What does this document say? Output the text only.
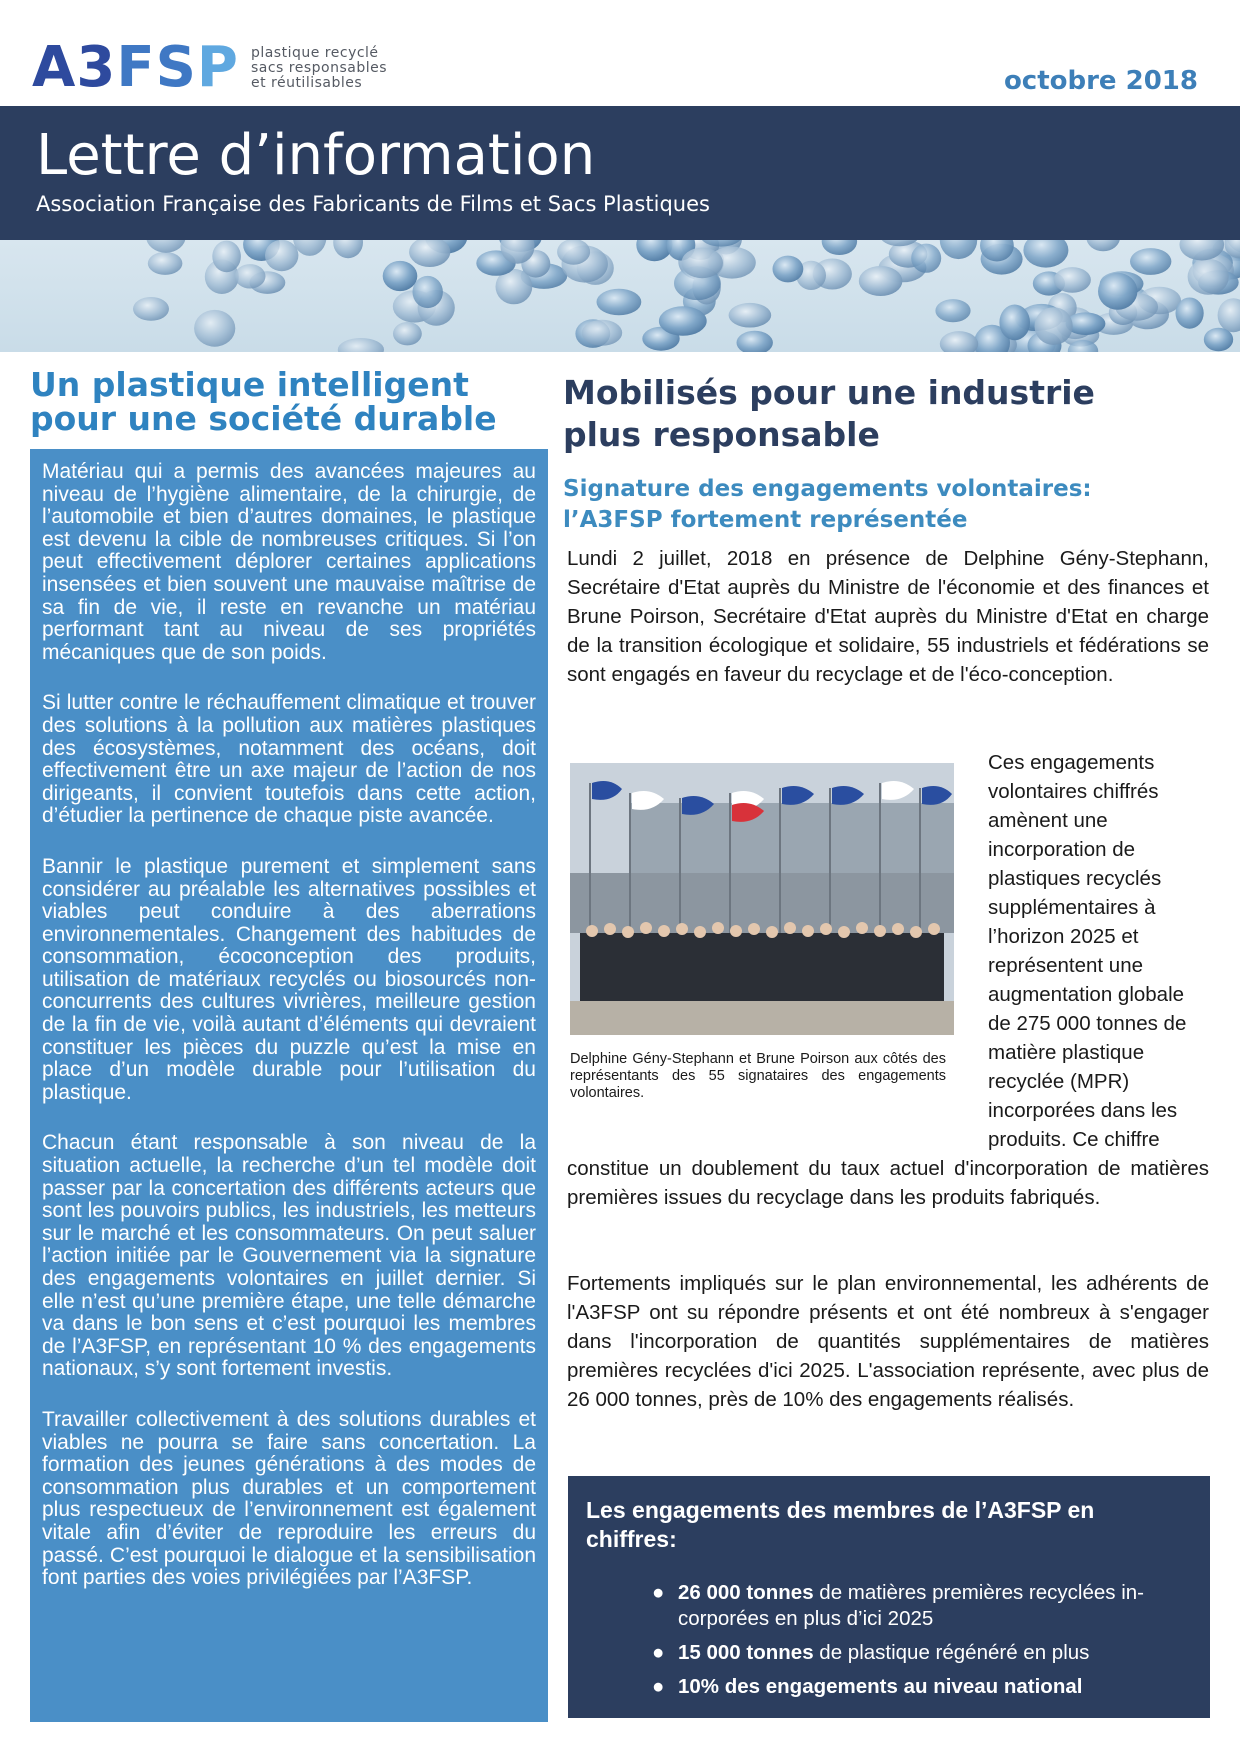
A3 FS P plastique recyclé
sacs responsables
et réutilisables	octobre 2018
Lettre d’information
Association Française des Fabricants de Films et Sacs Plastiques
Un plastique intelligent pour une société durable

Matériau qui a permis des avancées majeures au niveau de l’hygiène alimentaire, de la chirurgie, de l’automobile et bien d’autres domaines, le plastique est devenu la cible de nombreuses critiques. Si l’on peut effectivement déplorer certaines applications insensées et bien souvent une mauvaise maîtrise de sa fin de vie, il reste en revanche un matériau performant tant au niveau de ses propriétés mécaniques que de son poids.

Si lutter contre le réchauffement climatique et trouver des solutions à la pollution aux matières plastiques des écosystèmes, notamment des océans, doit effectivement être un axe majeur de l’action de nos dirigeants, il convient toutefois dans cette action, d’étudier la pertinence de chaque piste avancée.

Bannir le plastique purement et simplement sans considérer au préalable les alternatives possibles et viables peut conduire à des aberrations environnementales. Changement des habitudes de consommation, écoconception des produits, utilisation de matériaux recyclés ou biosourcés non-concurrents des cultures vivrières, meilleure gestion de la fin de vie, voilà autant d’éléments qui devraient constituer les pièces du puzzle qu’est la mise en place d’un modèle durable pour l’utilisation du plastique.

Chacun étant responsable à son niveau de la situation actuelle, la recherche d’un tel modèle doit passer par la concertation des différents acteurs que sont les pouvoirs publics, les industriels, les metteurs sur le marché et les consommateurs. On peut saluer l’action initiée par le Gouvernement via la signature des engagements volontaires en juillet dernier. Si elle n’est qu’une première étape, une telle démarche va dans le bon sens et c’est pourquoi les membres de l’A3FSP, en représentant 10 % des engagements nationaux, s’y sont fortement investis.

Travailler collectivement à des solutions durables et viables ne pourra se faire sans concertation. La formation des jeunes générations à des modes de consommation plus durables et un comportement plus respectueux de l’environnement est également vitale afin d’éviter de reproduire les erreurs du passé. C’est pourquoi le dialogue et la sensibilisation font parties des voies privilégiées par l’A3FSP.

Mobilisés pour une industrie plus responsable
Signature des engagements volontaires: l’A3FSP fortement représentée

Lundi 2 juillet, 2018 en présence de Delphine Gény-Stephann, Secrétaire d'Etat auprès du Ministre de l'économie et des finances et Brune Poirson, Secrétaire d'Etat auprès du Ministre d'Etat en charge de la transition écologique et solidaire, 55 industriels et fédérations se sont engagés en faveur du recyclage et de l'éco-conception.

Delphine Gény-Stephann et Brune Poirson aux côtés des représentants des 55 signataires des engagements volontaires.

Ces engagements volontaires chiffrés amènent une incorporation de plastiques recyclés supplémentaires à l’horizon 2025 et représentent une augmentation globale de 275 000 tonnes de matière plastique recyclée (MPR) incorporées dans les produits. Ce chiffre

constitue un doublement du taux actuel d'incorporation de matières premières issues du recyclage dans les produits fabriqués.

Fortements impliqués sur le plan environnemental, les adhérents de l'A3FSP ont su répondre présents et ont été nombreux à s'engager dans l'incorporation de quantités supplémentaires de matières premières recyclées d'ici 2025. L'association représente, avec plus de 26 000 tonnes, près de 10% des engagements réalisés.

Les engagements des membres de l’A3FSP en chiffres:
● 26 000 tonnes de matières premières recyclées in-corporées en plus d’ici 2025
● 15 000 tonnes de plastique régénéré en plus
● 10% des engagements au niveau national
